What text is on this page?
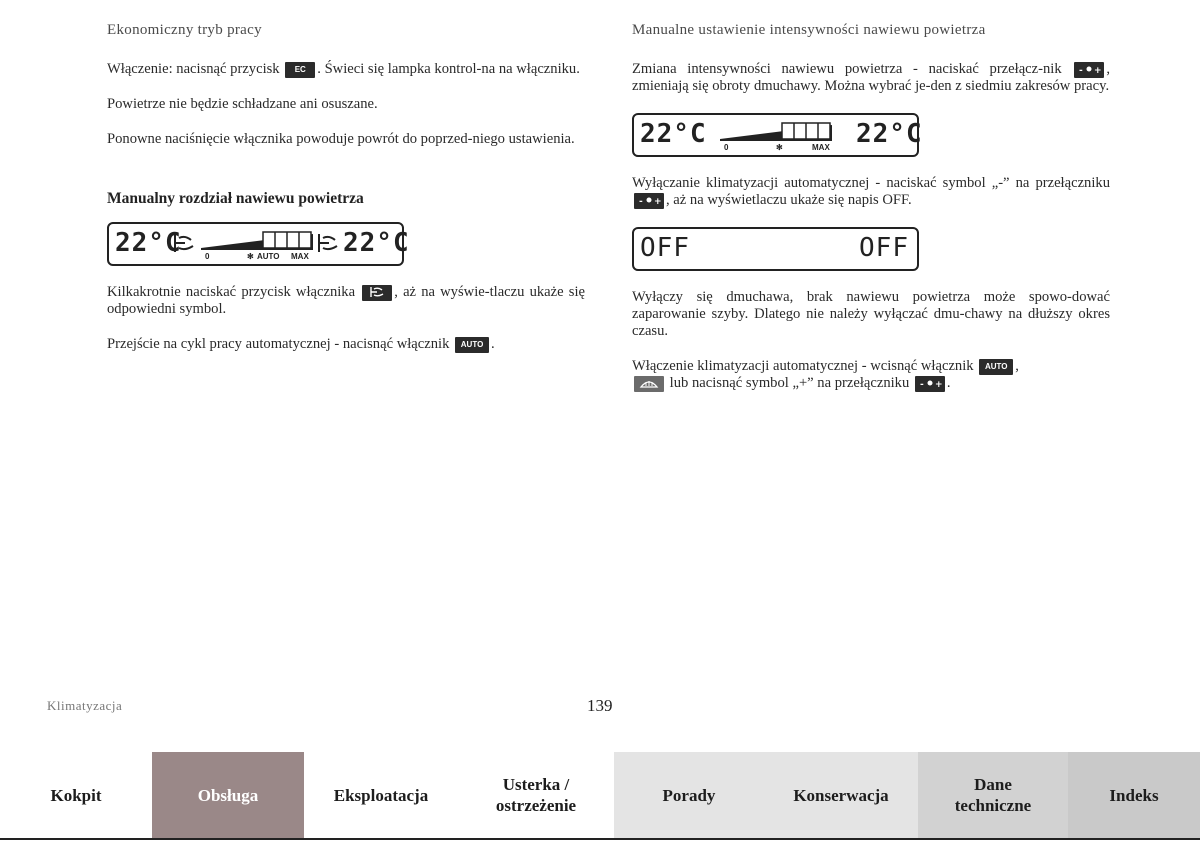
Ekonomiczny tryb pracy

Włączenie: nacisnąć przycisk EC . Świeci się lampka kontrol-na na włączniku.

Powietrze nie będzie schładzane ani osuszane.

Ponowne naciśnięcie włącznika powoduje powrót do poprzed-niego ustawienia.

Manualny rozdział nawiewu powietrza
22°C	0	✻ AUTO MAX 22°C

Kilkakrotnie naciskać przycisk włącznika	, aż na wyświe-tlaczu ukaże się odpowiedni symbol.

Przejście na cykl pracy automatycznej - nacisnąć włącznik AUTO .

Manualne ustawienie intensywności nawiewu powietrza

Zmiana intensywności nawiewu powietrza - naciskać przełącz-nik - + , zmieniają się obroty dmuchawy. Można wybrać je-den z siedmiu zakresów pracy.

22°C 0	✻	MAX 22°C

Wyłączanie klimatyzacji automatycznej - naciskać symbol „-” na przełączniku
- + , aż na wyświetlaczu ukaże się napis OFF.

OFF	OFF

Wyłączy się dmuchawa, brak nawiewu powietrza może spowo-dować zaparowanie szyby. Dlatego nie należy wyłączać dmu-chawy na dłuższy okres czasu.

Włączenie klimatyzacji automatycznej - wcisnąć włącznik AUTO ,

lub nacisnąć symbol „+” na przełączniku - + .

Klimatyzacja	139
Kokpit	Obsługa	Eksploatacja
Usterka / ostrzeżenie
Porady	Konserwacja
Dane techniczne
Indeks
